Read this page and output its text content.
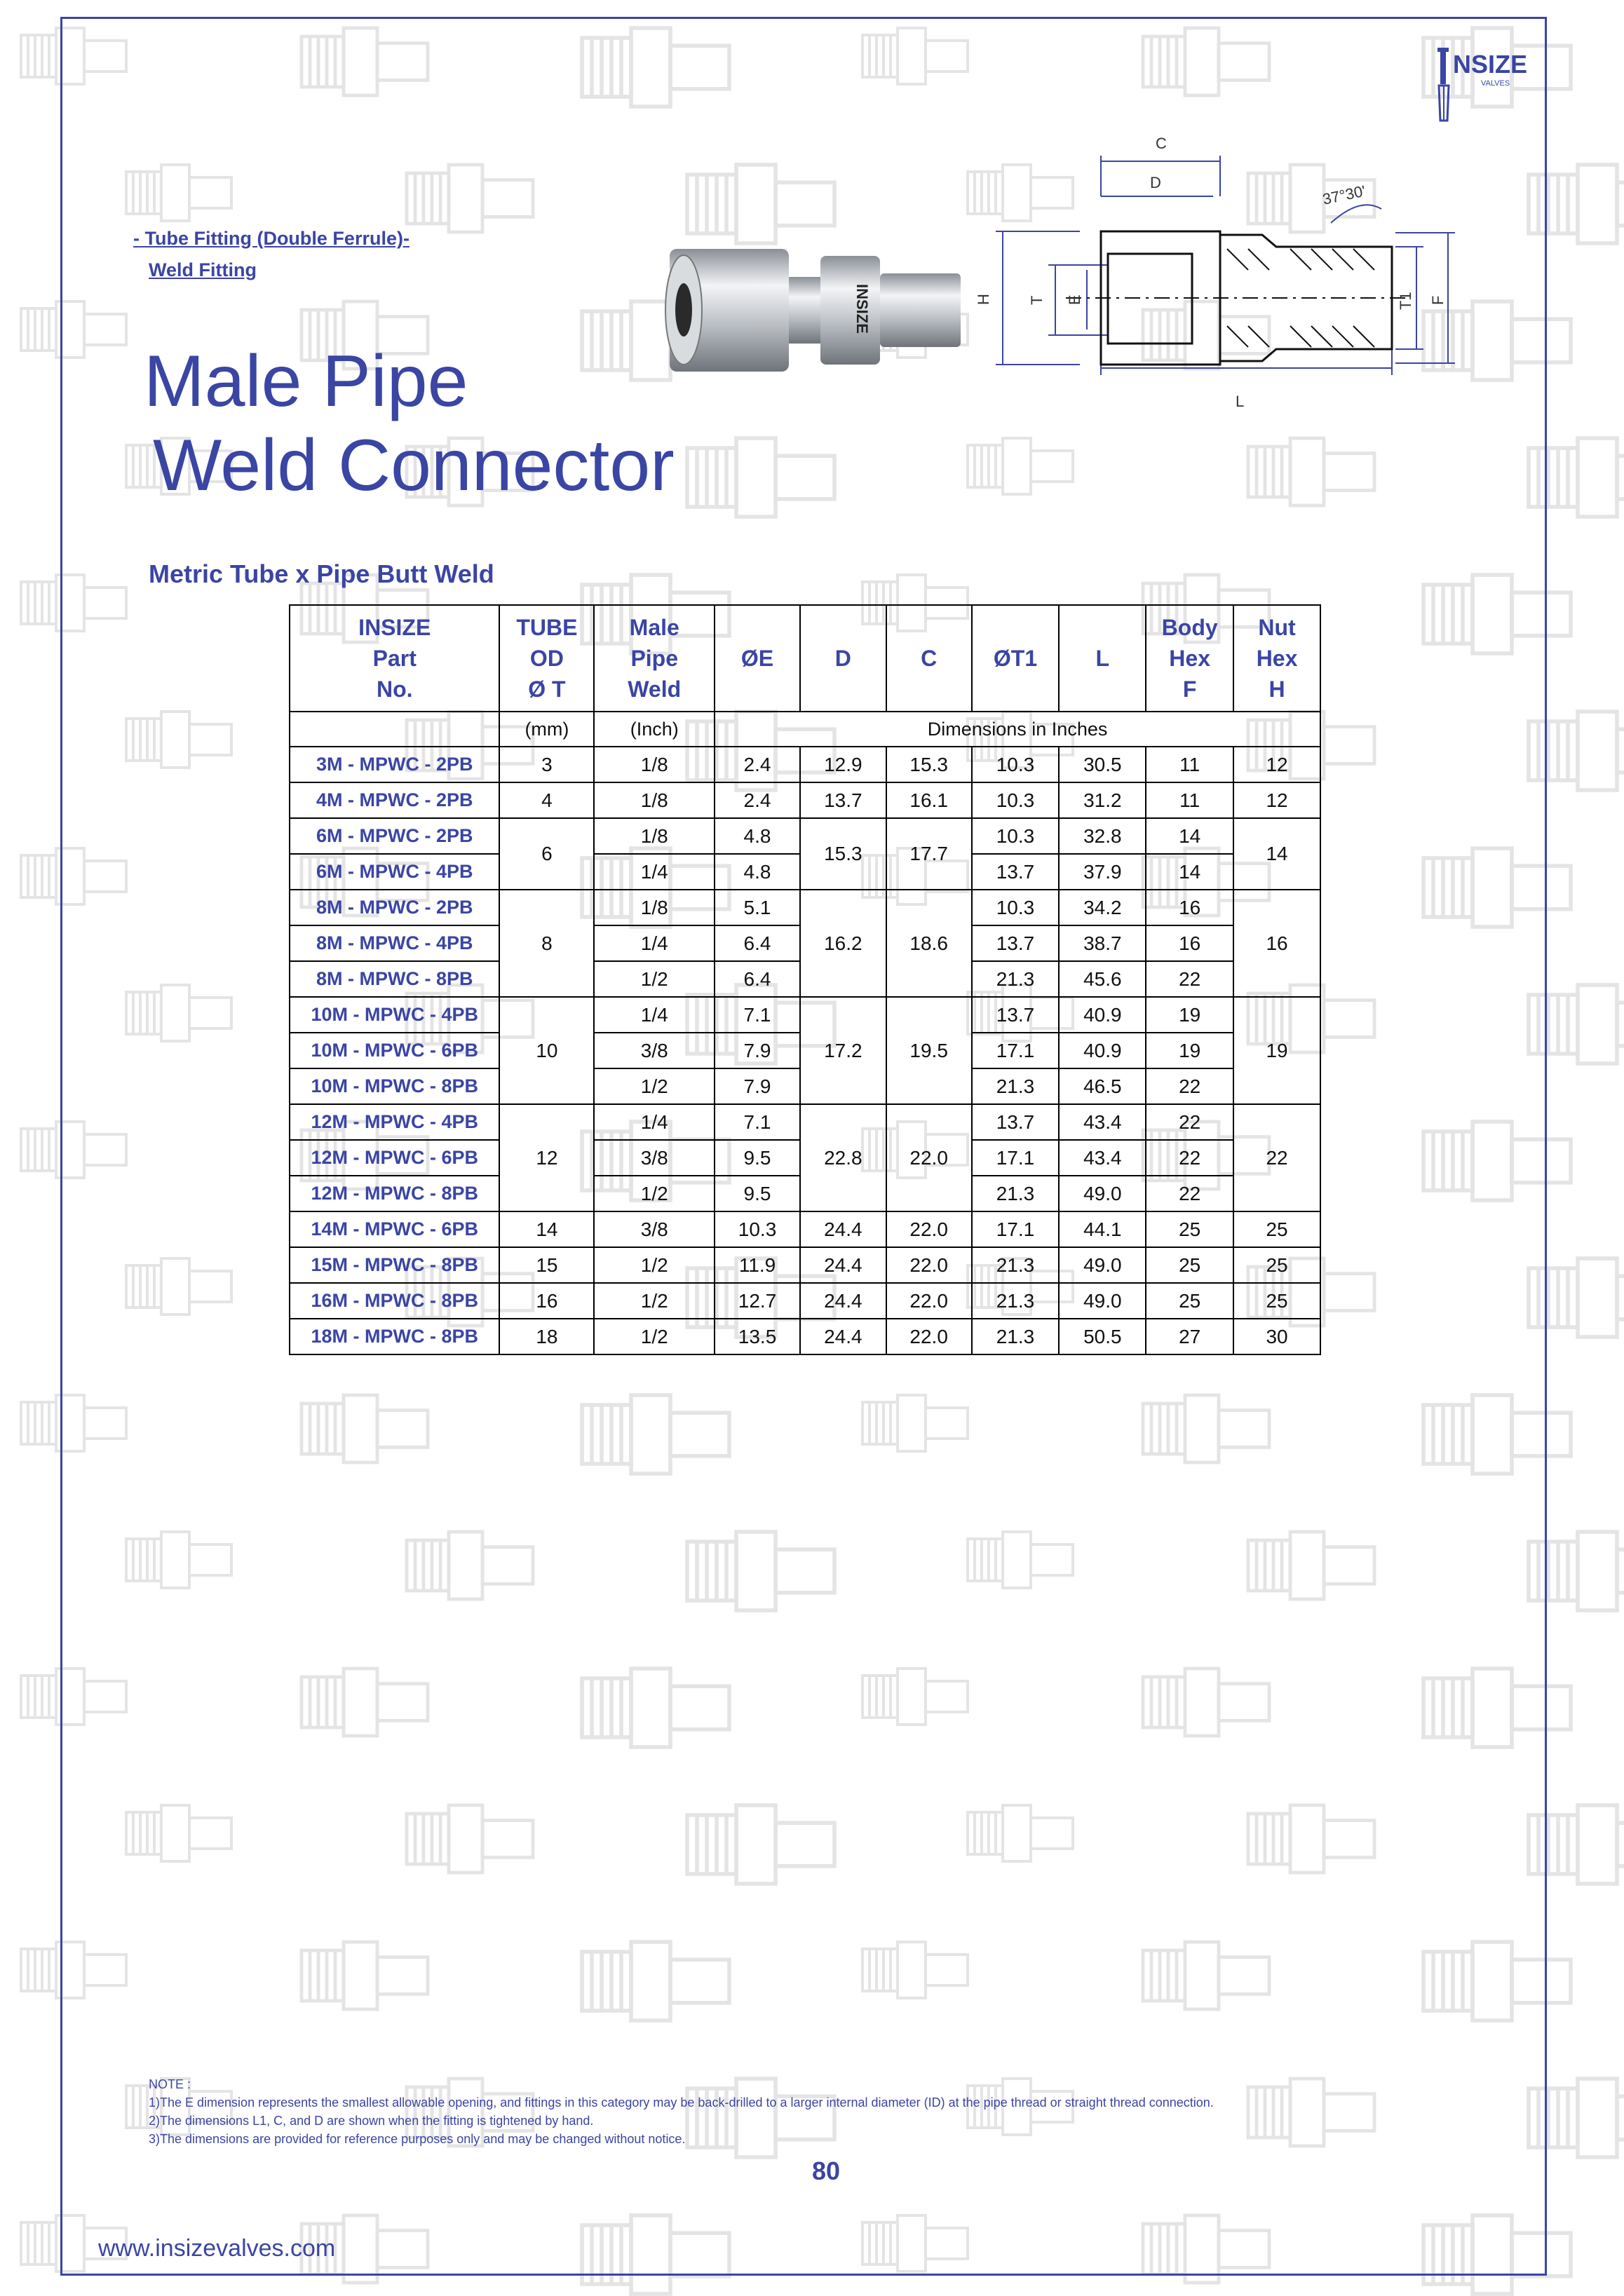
NSIZE
VALVES
- Tube Fitting (Double Ferrule)-
Weld Fitting
Male Pipe
Weld Connector
INSIZE
C
D	37°30'
H T E	T1 F
L
Metric Tube x Pipe Butt Weld
INSIZE
Part
No.	TUBE
OD
Ø T	Male
Pipe
Weld	ØE	D	C	ØT1	L	Body
Hex
F	Nut
Hex
H
	(mm)	(Inch)	Dimensions in Inches						
3M - MPWC - 2PB	3	1/8	2.4	12.9	15.3	10.3	30.5	11	12
4M - MPWC - 2PB	4	1/8	2.4	13.7	16.1	10.3	31.2	11	12
6M - MPWC - 2PB	6	1/8	4.8	15.3	17.7	10.3	32.8	14	14
6M - MPWC - 4PB		1/4	4.8			13.7	37.9	14	
8M - MPWC - 2PB	8	1/8	5.1	16.2	18.6	10.3	34.2	16	16
8M - MPWC - 4PB		1/4	6.4			13.7	38.7	16	
8M - MPWC - 8PB		1/2	6.4			21.3	45.6	22	
10M - MPWC - 4PB	10	1/4	7.1	17.2	19.5	13.7	40.9	19	19
10M - MPWC - 6PB		3/8	7.9			17.1	40.9	19	
10M - MPWC - 8PB		1/2	7.9			21.3	46.5	22	
12M - MPWC - 4PB	12	1/4	7.1	22.8	22.0	13.7	43.4	22	22
12M - MPWC - 6PB		3/8	9.5			17.1	43.4	22	
12M - MPWC - 8PB		1/2	9.5			21.3	49.0	22	
14M - MPWC - 6PB	14	3/8	10.3	24.4	22.0	17.1	44.1	25	25
15M - MPWC - 8PB	15	1/2	11.9	24.4	22.0	21.3	49.0	25	25
16M - MPWC - 8PB	16	1/2	12.7	24.4	22.0	21.3	49.0	25	25
18M - MPWC - 8PB	18	1/2	13.5	24.4	22.0	21.3	50.5	27	30
NOTE :
1)The E dimension represents the smallest allowable opening, and fittings in this category may be back-drilled to a larger internal diameter (ID) at the pipe thread or straight thread connection.
2)The dimensions L1, C, and D are shown when the fitting is tightened by hand.
3)The dimensions are provided for reference purposes only and may be changed without notice.
80
www.insizevalves.com
